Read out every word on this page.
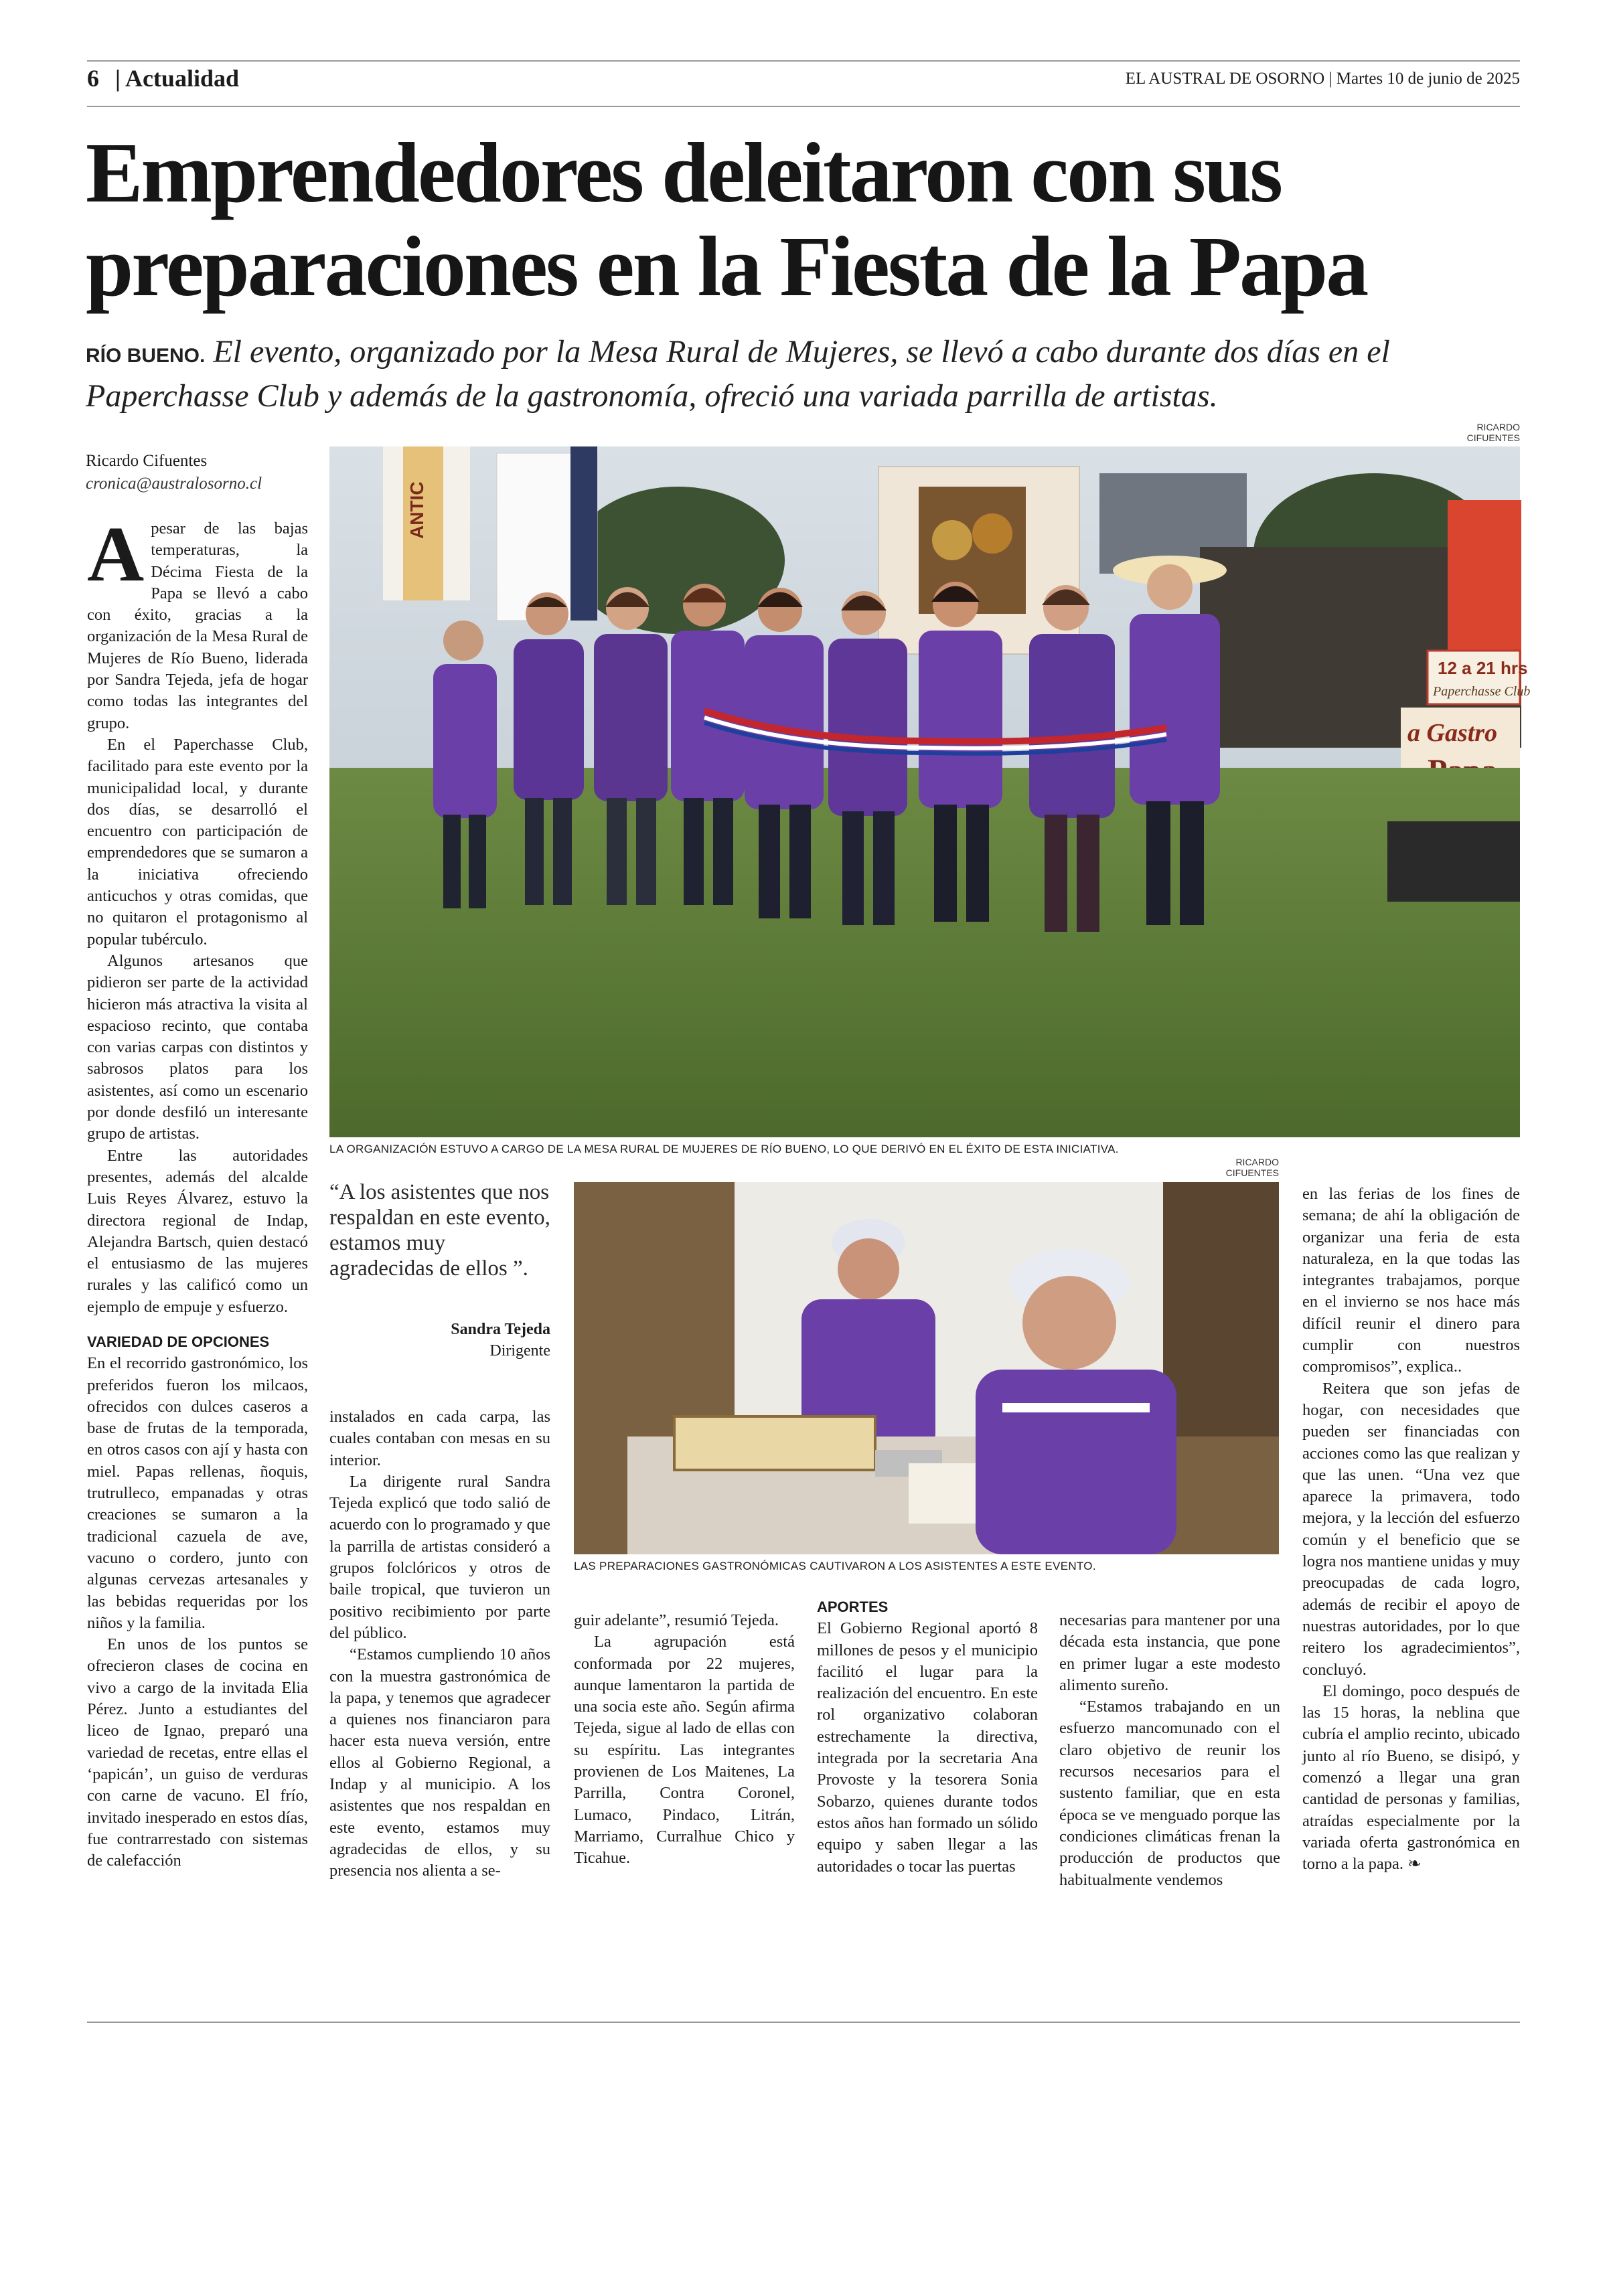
6 | Actualidad	EL AUSTRAL DE OSORNO | Martes 10 de junio de 2025
Emprendedores deleitaron con sus
preparaciones en la Fiesta de la Papa
RÍO BUENO. El evento, organizado por la Mesa Rural de Mujeres, se llevó a cabo durante dos días en el Paperchasse Club y además de la gastronomía, ofreció una variada parrilla de artistas.
Ricardo Cifuentes
cronica@australosorno.cl
RICARDO CIFUENTES
ANTIC
12 a 21 hrs
Paperchasse Club
a Gastro
LA ORGANIZACIÓN ESTUVO A CARGO DE LA MESA RURAL DE MUJERES DE RÍO BUENO, LO QUE DERIVÓ EN EL ÉXITO DE ESTA INICIATIVA.
RICARDO CIFUENTES
LAS PREPARACIONES GASTRONÓMICAS CAUTIVARON A LOS ASISTENTES A ESTE EVENTO.
“A los asistentes que nos respaldan en este evento, estamos muy agradecidas de ellos ”.
Sandra Tejeda
Dirigente

Apesar de las bajas temperaturas, la Décima Fiesta de la Papa se llevó a cabo con éxito, gracias a la organización de la Mesa Rural de Mujeres de Río Bueno, liderada por Sandra Tejeda, jefa de hogar como todas las integrantes del grupo.

En el Paperchasse Club, facilitado para este evento por la municipalidad local, y durante dos días, se desarrolló el encuentro con participación de emprendedores que se sumaron a la iniciativa ofreciendo anticuchos y otras comidas, que no quitaron el protagonismo al popular tubérculo.

Algunos artesanos que pidieron ser parte de la actividad hicieron más atractiva la visita al espacioso recinto, que contaba con varias carpas con distintos y sabrosos platos para los asistentes, así como un escenario por donde desfiló un interesante grupo de artistas.

Entre las autoridades presentes, además del alcalde Luis Reyes Álvarez, estuvo la directora regional de Indap, Alejandra Bartsch, quien destacó el entusiasmo de las mujeres rurales y las calificó como un ejemplo de empuje y esfuerzo.

VARIEDAD DE OPCIONES

En el recorrido gastronómico, los preferidos fueron los milcaos, ofrecidos con dulces caseros a base de frutas de la temporada, en otros casos con ají y hasta con miel. Papas rellenas, ñoquis, trutrulleco, empanadas y otras creaciones se sumaron a la tradicional cazuela de ave, vacuno o cordero, junto con algunas cervezas artesanales y las bebidas requeridas por los niños y la familia.

En unos de los puntos se ofrecieron clases de cocina en vivo a cargo de la invitada Elia Pérez. Junto a estudiantes del liceo de Ignao, preparó una variedad de recetas, entre ellas el ‘papicán’, un guiso de verduras con carne de vacuno. El frío, invitado inesperado en estos días, fue contrarrestado con sistemas de calefacción

instalados en cada carpa, las cuales contaban con mesas en su interior.

La dirigente rural Sandra Tejeda explicó que todo salió de acuerdo con lo programado y que la parrilla de artistas consideró a grupos folclóricos y otros de baile tropical, que tuvieron un positivo recibimiento por parte del público.

“Estamos cumpliendo 10 años con la muestra gastronómica de la papa, y tenemos que agradecer a quienes nos financiaron para hacer esta nueva versión, entre ellos al Gobierno Regional, a Indap y al municipio. A los asistentes que nos respaldan en este evento, estamos muy agradecidas de ellos, y su presencia nos alienta a se-

guir adelante”, resumió Tejeda.

La agrupación está conformada por 22 mujeres, aunque lamentaron la partida de una socia este año. Según afirma Tejeda, sigue al lado de ellas con su espíritu. Las integrantes provienen de Los Maitenes, La Parrilla, Contra Coronel, Lumaco, Pindaco, Litrán, Marriamo, Curralhue Chico y Ticahue.

APORTES

El Gobierno Regional aportó 8 millones de pesos y el municipio facilitó el lugar para la realización del encuentro. En este rol organizativo colaboran estrechamente la directiva, integrada por la secretaria Ana Provoste y la tesorera Sonia Sobarzo, quienes durante todos estos años han formado un sólido equipo y saben llegar a las autoridades o tocar las puertas

necesarias para mantener por una década esta instancia, que pone en primer lugar a este modesto alimento sureño.

“Estamos trabajando en un esfuerzo mancomunado con el claro objetivo de reunir los recursos necesarios para el sustento familiar, que en esta época se ve menguado porque las condiciones climáticas frenan la producción de productos que habitualmente vendemos

en las ferias de los fines de semana; de ahí la obligación de organizar una feria de esta naturaleza, en la que todas las integrantes trabajamos, porque en el invierno se nos hace más difícil reunir el dinero para cumplir con nuestros compromisos”, explica..

Reitera que son jefas de hogar, con necesidades que pueden ser financiadas con acciones como las que realizan y que las unen. “Una vez que aparece la primavera, todo mejora, y la lección del esfuerzo común y el beneficio que se logra nos mantiene unidas y muy preocupadas de cada logro, además de recibir el apoyo de nuestras autoridades, por lo que reitero los agradecimientos”, concluyó.

El domingo, poco después de las 15 horas, la neblina que cubría el amplio recinto, ubicado junto al río Bueno, se disipó, y comenzó a llegar una gran cantidad de personas y familias, atraídas especialmente por la variada oferta gastronómica en torno a la papa. ❧
